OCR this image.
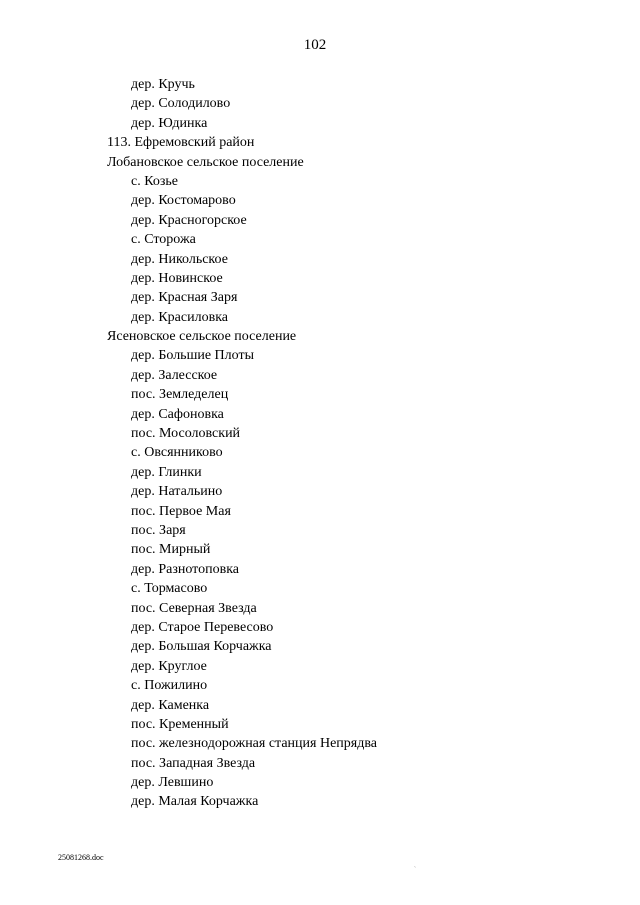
102
дер. Кручь
дер. Солодилово
дер. Юдинка
113. Ефремовский район
Лобановское сельское поселение
с. Козье
дер. Костомарово
дер. Красногорское
с. Сторожа
дер. Никольское
дер. Новинское
дер. Красная Заря
дер. Красиловка
Ясеновское сельское поселение
дер. Большие Плоты
дер. Залесское
пос. Земледелец
дер. Сафоновка
пос. Мосоловский
с. Овсянниково
дер. Глинки
дер. Натальино
пос. Первое Мая
пос. Заря
пос. Мирный
дер. Разнотоповка
с. Тормасово
пос. Северная Звезда
дер. Старое Перевесово
дер. Большая Корчажка
дер. Круглое
с. Пожилино
дер. Каменка
пос. Кременный
пос. железнодорожная станция Непрядва
пос. Западная Звезда
дер. Левшино
дер. Малая Корчажка
25081268.doc
`
